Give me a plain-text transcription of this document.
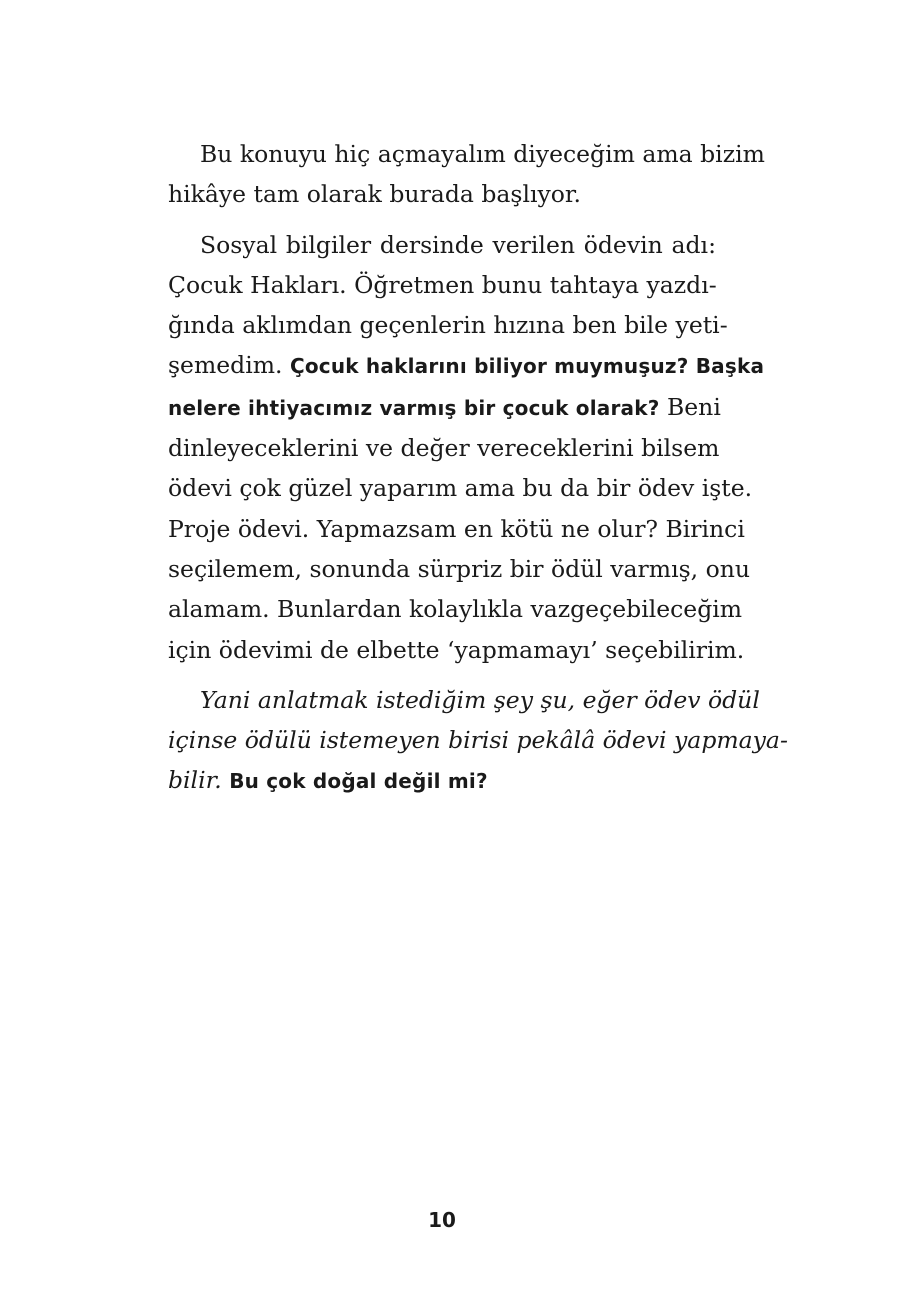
Bu konuyu hiç açmayalım diyeceğim ama bizim
hikâye tam olarak burada başlıyor.
Sosyal bilgiler dersinde verilen ödevin adı:
Çocuk Hakları. Öğretmen bunu tahtaya yazdı-
ğında aklımdan geçenlerin hızına ben bile yeti-
şemedim. Çocuk haklarını biliyor muymuşuz? Başka
nelere ihtiyacımız varmış bir çocuk olarak? Beni
dinleyeceklerini ve değer vereceklerini bilsem
ödevi çok güzel yaparım ama bu da bir ödev işte.
Proje ödevi. Yapmazsam en kötü ne olur? Birinci
seçilemem, sonunda sürpriz bir ödül varmış, onu
alamam. Bunlardan kolaylıkla vazgeçebileceğim
için ödevimi de elbette ‘yapmamayı’ seçebilirim.
Yani anlatmak istediğim şey şu, eğer ödev ödül
içinse ödülü istemeyen birisi pekâlâ ödevi yapmaya-
bilir. Bu çok doğal değil mi?
10
